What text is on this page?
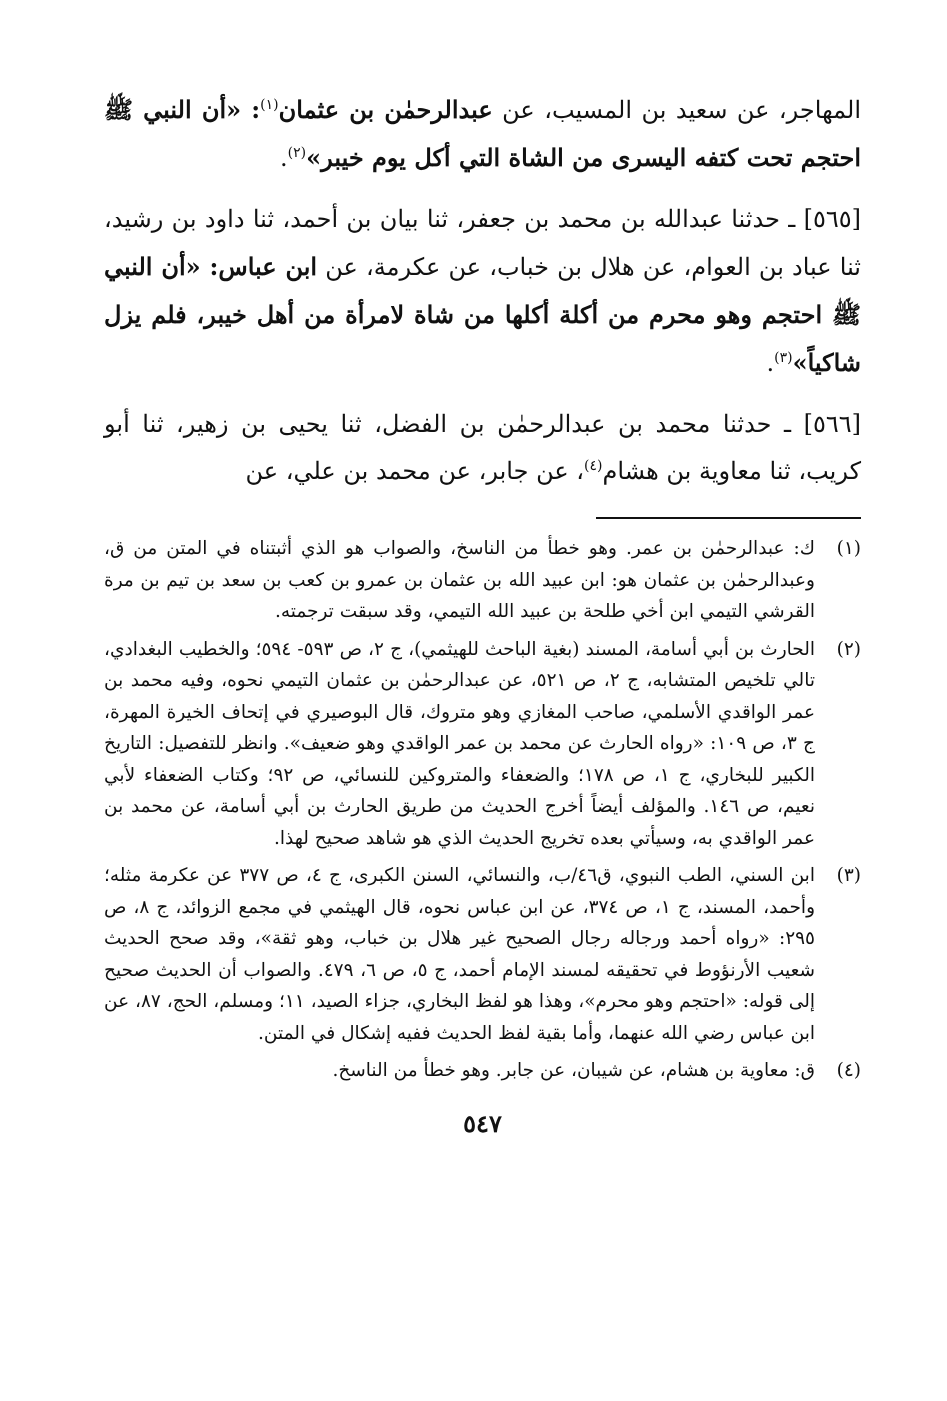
المهاجر، عن سعيد بن المسيب، عن عبدالرحمٰن بن عثمان$^{(١)}$: «أن النبي ﷺ احتجم تحت كتفه اليسرى من الشاة التي أكل يوم خيبر»$^{(٢)}$.

[٥٦٥] ـ حدثنا عبدالله بن محمد بن جعفر، ثنا بيان بن أحمد، ثنا داود بن رشيد، ثنا عباد بن العوام، عن هلال بن خباب، عن عكرمة، عن ابن عباس: «أن النبي ﷺ احتجم وهو محرم من أكلة أكلها من شاة لامرأة من أهل خيبر، فلم يزل شاكياً»$^{(٣)}$.

[٥٦٦] ـ حدثنا محمد بن عبدالرحمٰن بن الفضل، ثنا يحيى بن زهير، ثنا أبو كريب، ثنا معاوية بن هشام$^{(٤)}$، عن جابر، عن محمد بن علي، عن

(١)
ك: عبدالرحمٰن بن عمر. وهو خطأ من الناسخ، والصواب هو الذي أثبتناه في المتن من ق، وعبدالرحمٰن بن عثمان هو: ابن عبيد الله بن عثمان بن عمرو بن كعب بن سعد بن تيم بن مرة القرشي التيمي ابن أخي طلحة بن عبيد الله التيمي، وقد سبقت ترجمته.
(٢)
الحارث بن أبي أسامة، المسند (بغية الباحث للهيثمي)، ج ٢، ص ٥٩٣- ٥٩٤؛ والخطيب البغدادي، تالي تلخيص المتشابه، ج ٢، ص ٥٢١، عن عبدالرحمٰن بن عثمان التيمي نحوه، وفيه محمد بن عمر الواقدي الأسلمي، صاحب المغازي وهو متروك، قال البوصيري في إتحاف الخيرة المهرة، ج ٣، ص ١٠٩: «رواه الحارث عن محمد بن عمر الواقدي وهو ضعيف». وانظر للتفصيل: التاريخ الكبير للبخاري، ج ١، ص ١٧٨؛ والضعفاء والمتروكين للنسائي، ص ٩٢؛ وكتاب الضعفاء لأبي نعيم، ص ١٤٦. والمؤلف أيضاً أخرج الحديث من طريق الحارث بن أبي أسامة، عن محمد بن عمر الواقدي به، وسيأتي بعده تخريج الحديث الذي هو شاهد صحيح لهذا.
(٣)
ابن السني، الطب النبوي، ق٤٦/ب، والنسائي، السنن الكبرى، ج ٤، ص ٣٧٧ عن عكرمة مثله؛ وأحمد، المسند، ج ١، ص ٣٧٤، عن ابن عباس نحوه، قال الهيثمي في مجمع الزوائد، ج ٨، ص ٢٩٥: «رواه أحمد ورجاله رجال الصحيح غير هلال بن خباب، وهو ثقة»، وقد صحح الحديث شعيب الأرنؤوط في تحقيقه لمسند الإمام أحمد، ج ٥، ص ٦، ٤٧٩. والصواب أن الحديث صحيح إلى قوله: «احتجم وهو محرم»، وهذا هو لفظ البخاري، جزاء الصيد، ١١؛ ومسلم، الحج، ٨٧، عن ابن عباس رضي الله عنهما، وأما بقية لفظ الحديث ففيه إشكال في المتن.
(٤)
ق: معاوية بن هشام، عن شيبان، عن جابر. وهو خطأ من الناسخ.
٥٤٧
